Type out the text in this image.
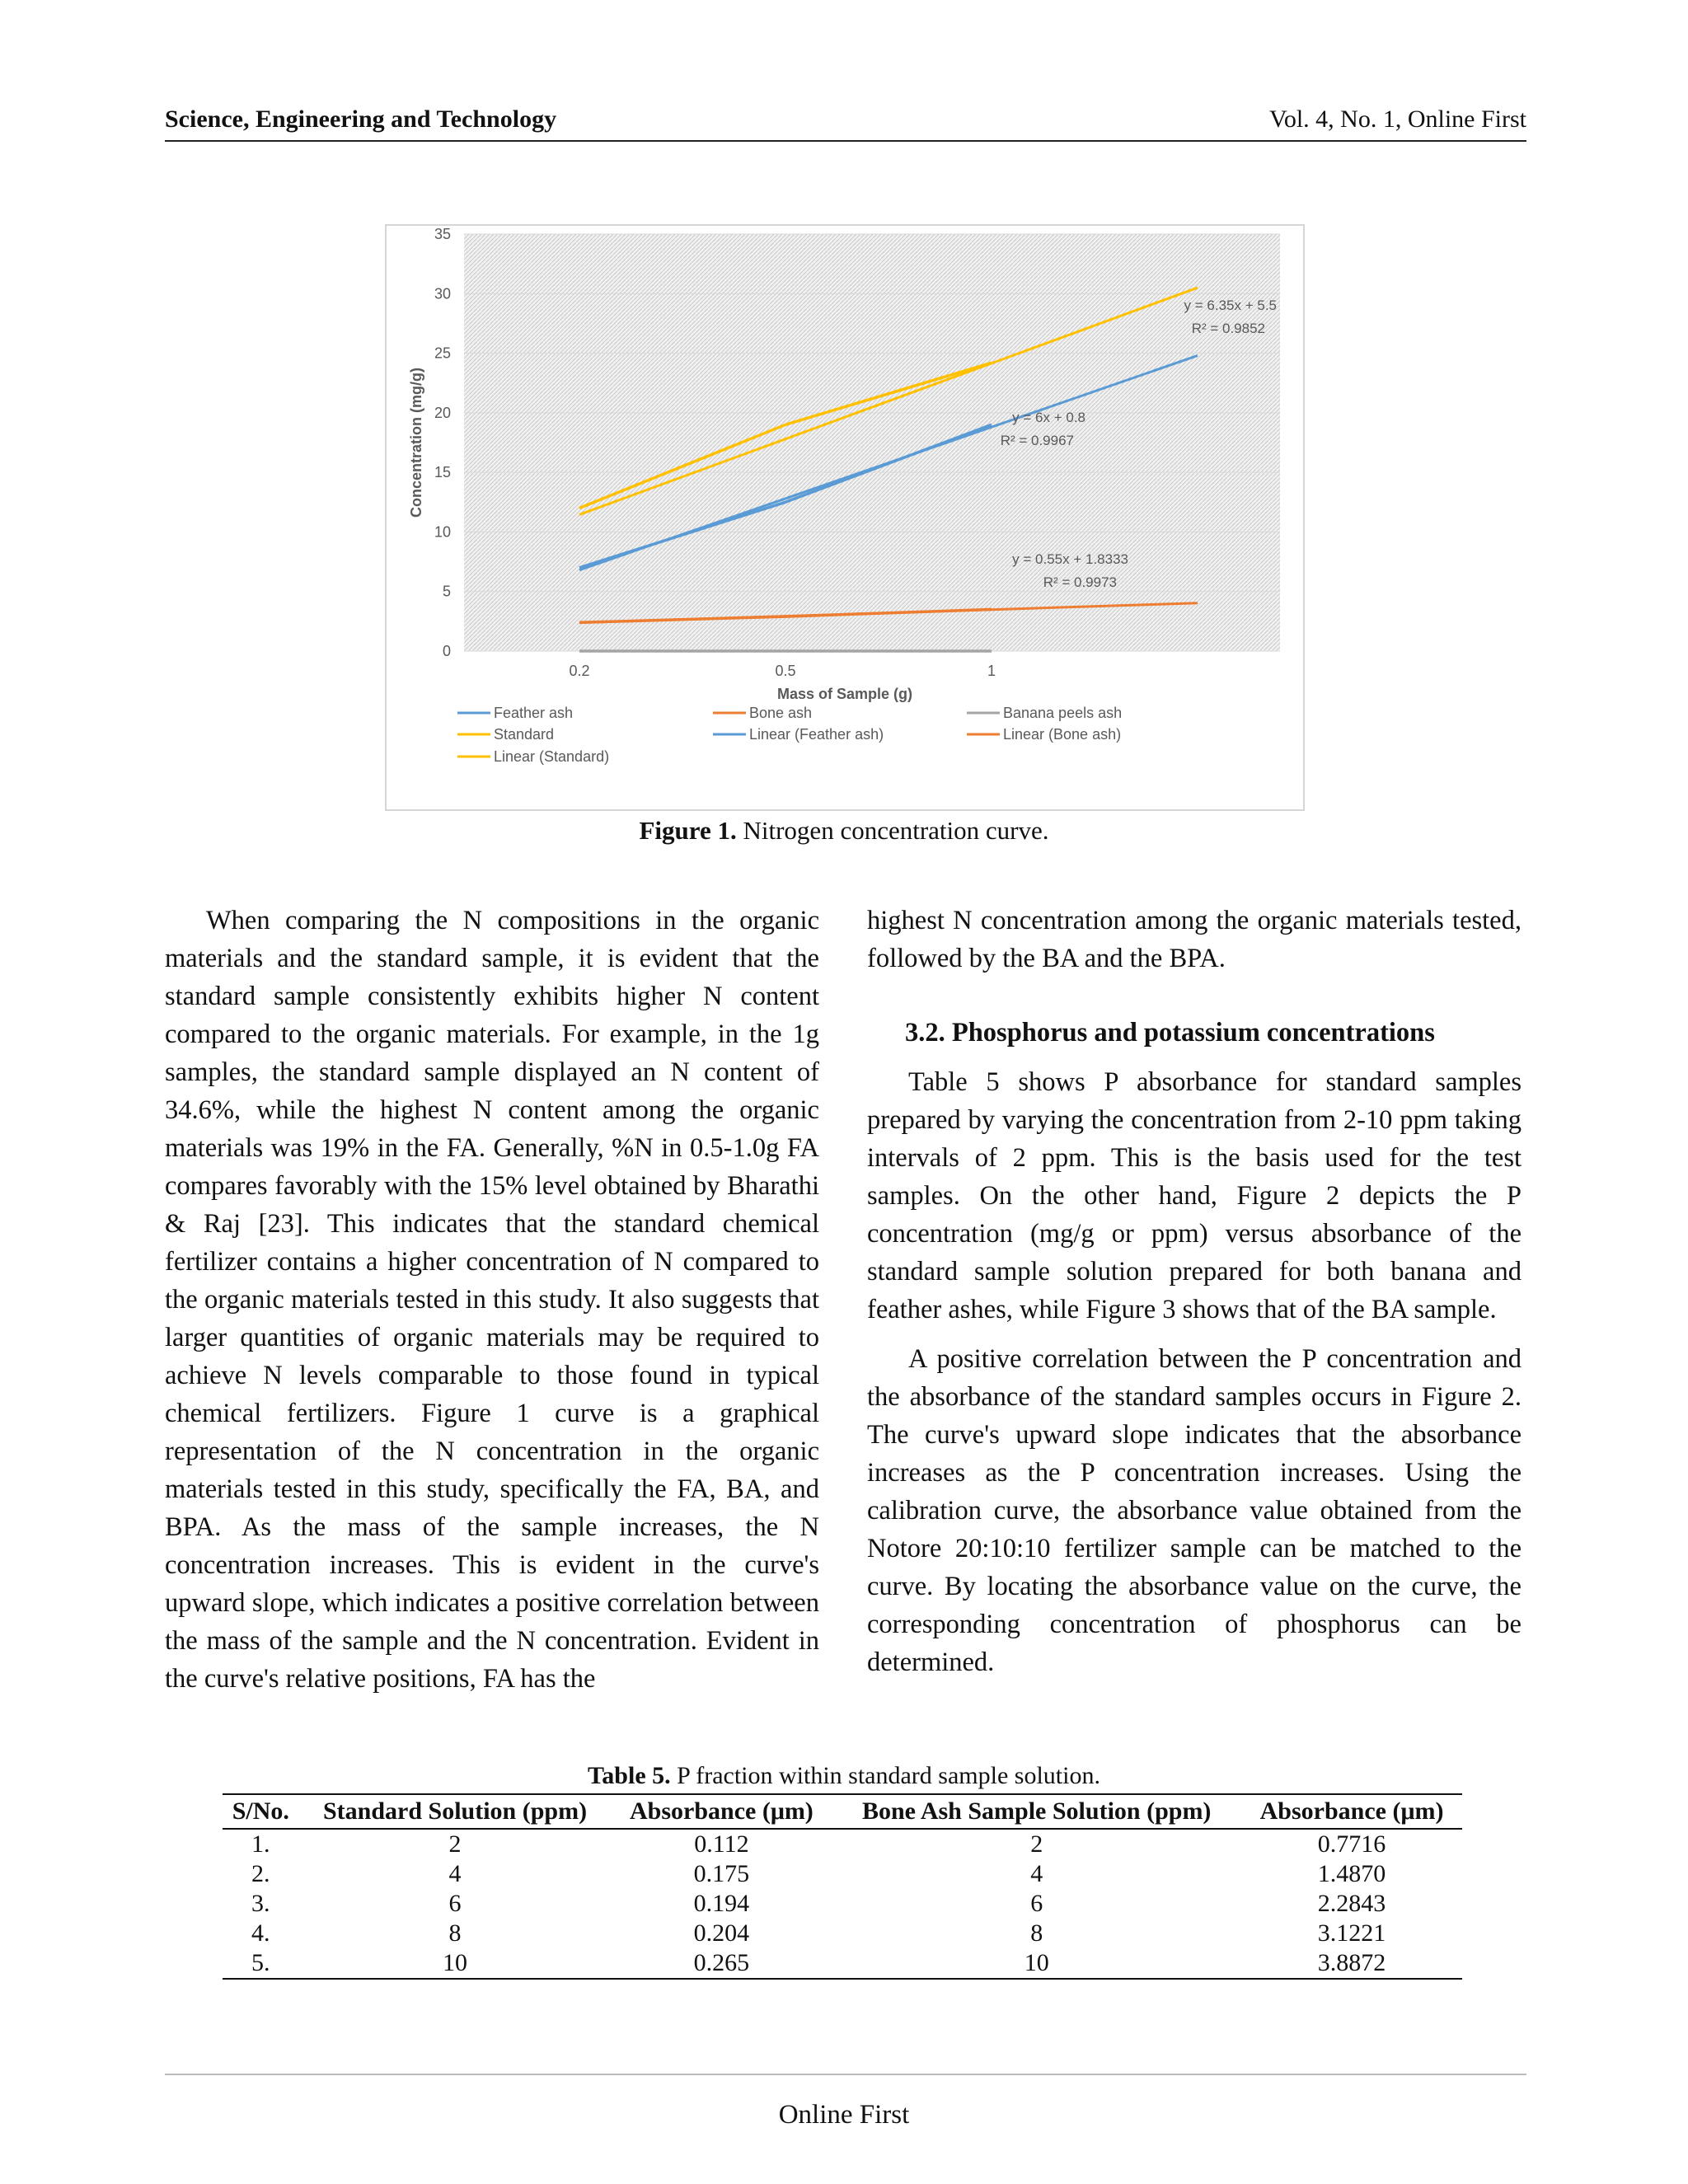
Science, Engineering and Technology	Vol. 4, No. 1, Online First
0
5
10
15
20
25
30
35
0.2	0.5	1
y = 6.35x + 5.5
R² = 0.9852
y = 6x + 0.8
R² = 0.9967
y = 0.55x + 1.8333
R² = 0.9973
Feather ash	Bone ash	Banana peels ash
Standard	Linear (Feather ash)	Linear (Bone ash)
Linear (Standard)
Mass of Sample (g)
Concentration (mg/g)
Figure 1. Nitrogen concentration curve.

When comparing the N compositions in the organic materials and the standard sample, it is evident that the standard sample consistently exhibits higher N content compared to the organic materials. For example, in the 1g samples, the standard sample displayed an N content of 34.6%, while the highest N content among the organic materials was 19% in the FA. Generally, %N in 0.5-1.0g FA compares favorably with the 15% level obtained by Bharathi & Raj [23]. This indicates that the standard chemical fertilizer contains a higher concentration of N compared to the organic materials tested in this study. It also suggests that larger quantities of organic materials may be required to achieve N levels comparable to those found in typical chemical fertilizers. Figure 1 curve is a graphical representation of the N concentration in the organic materials tested in this study, specifically the FA, BA, and BPA. As the mass of the sample increases, the N concentration increases. This is evident in the curve's upward slope, which indicates a positive correlation between the mass of the sample and the N concentration. Evident in the curve's relative positions, FA has the

highest N concentration among the organic materials tested, followed by the BA and the BPA.

3.2. Phosphorus and potassium concentrations

Table 5 shows P absorbance for standard samples prepared by varying the concentration from 2-10 ppm taking intervals of 2 ppm. This is the basis used for the test samples. On the other hand, Figure 2 depicts the P concentration (mg/g or ppm) versus absorbance of the standard sample solution prepared for both banana and feather ashes, while Figure 3 shows that of the BA sample.

A positive correlation between the P concentration and the absorbance of the standard samples occurs in Figure 2. The curve's upward slope indicates that the absorbance increases as the P concentration increases. Using the calibration curve, the absorbance value obtained from the Notore 20:10:10 fertilizer sample can be matched to the curve. By locating the absorbance value on the curve, the corresponding concentration of phosphorus can be determined.

Table 5. P fraction within standard sample solution.
S/No.	Standard Solution (ppm)	Absorbance (μm)	Bone Ash Sample Solution (ppm)	Absorbance (μm)
1.	2	0.112	2	0.7716
2.	4	0.175	4	1.4870
3.	6	0.194	6	2.2843
4.	8	0.204	8	3.1221
5.	10	0.265	10	3.8872
Online First
